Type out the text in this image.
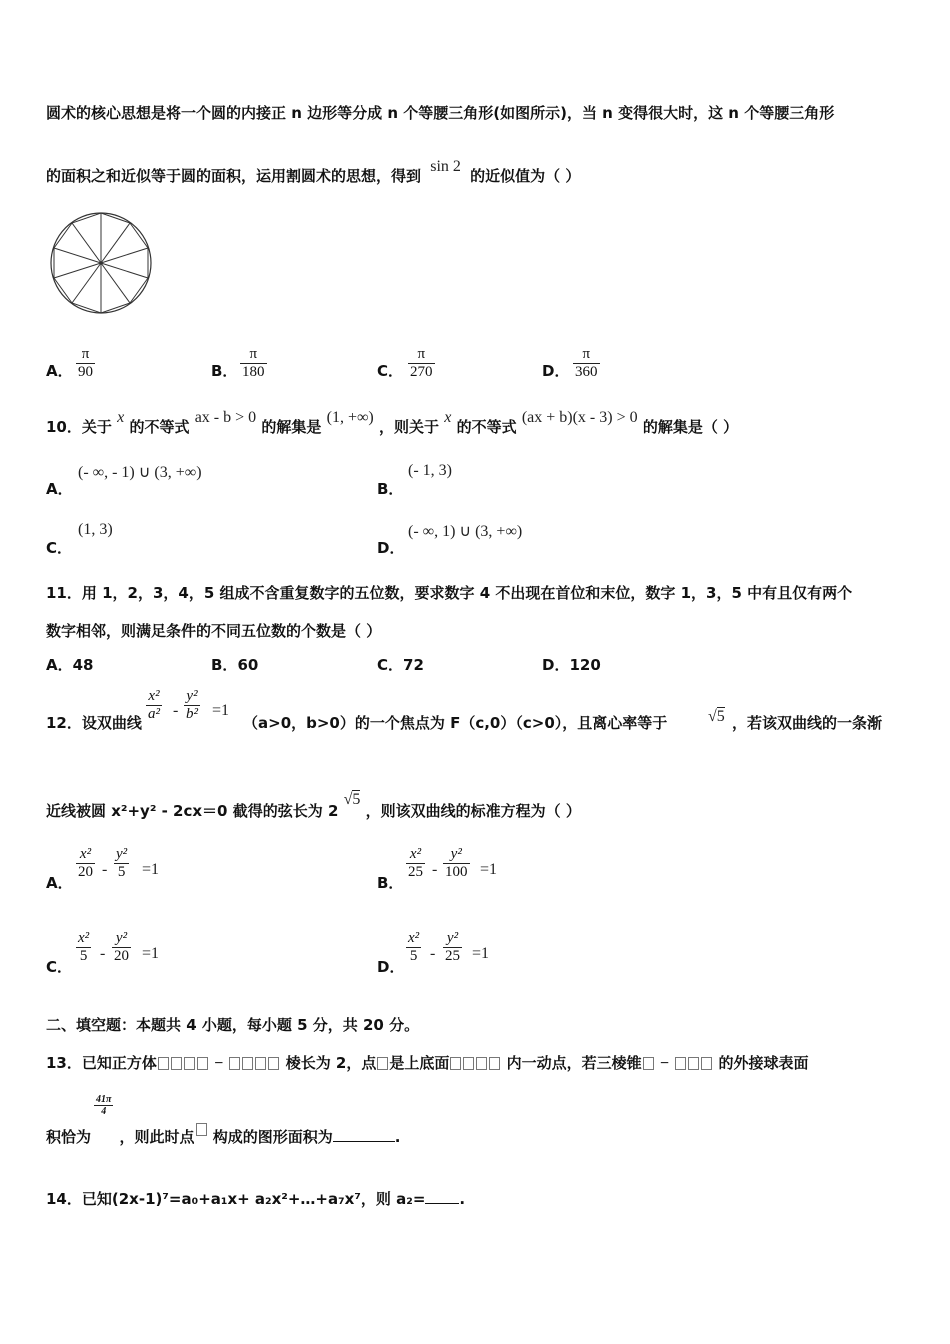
圆术的核心思想是将一个圆的内接正 n 边形等分成 n 个等腰三角形(如图所示)，当 n 变得很大时，这 n 个等腰三角形
的面积之和近似等于圆的面积，运用割圆术的思想，得到 sin 2 的近似值为（ ）
A．
π
90	B．
π
180	C．
π
270	D．
π
360
10．关于 x 的不等式 ax - b > 0 的解集是 (1, +∞) ，则关于 x 的不等式 (ax + b)(x - 3) > 0 的解集是（ ）
A．
(- ∞, - 1) ∪ (3, +∞)
B．
(- 1, 3)
C．
(1, 3)
D．
(- ∞, 1) ∪ (3, +∞)
11．用 1，2，3，4，5 组成不含重复数字的五位数，要求数字 4 不出现在首位和末位，数字 1，3，5 中有且仅有两个
数字相邻，则满足条件的不同五位数的个数是（ ）
A．48	B．60	C．72	D．120
12．设双曲线
x²
a² -
y²
b² =1
（a>0，b>0）的一个焦点为 F（c,0）（c>0），且离心率等于	√5 ，若该双曲线的一条渐
近线被圆 x²+y² - 2cx＝0 截得的弦长为 2 √5 ，则该双曲线的标准方程为（ ）
A．
x²
20 -
y²
5 =1
B．
x²
25 -
y²
100 =1
C．
x²
5 -
y²
20 =1
D．
x²
5 -
y²
25 =1
二、填空题：本题共 4 小题，每小题 5 分，共 20 分。
13．已知正方体	−	棱长为 2，点 是上底面	内一动点，若三棱锥 −	的外接球表面
41π
4
积恰为 ，则此时点 构成的图形面积为	.
14．已知(2x-1)⁷=a₀+a₁x+ a₂x²+…+a₇x⁷，则 a₂= .
